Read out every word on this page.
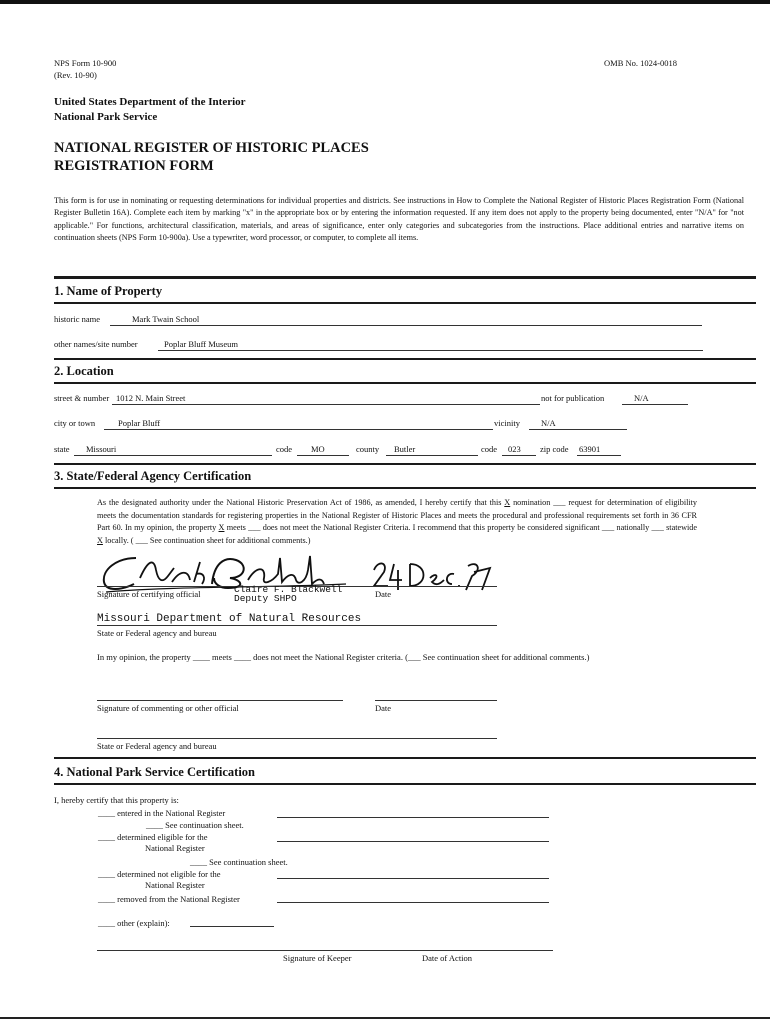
NPS Form 10-900
(Rev. 10-90)
OMB No. 1024-0018
United States Department of the Interior
National Park Service
NATIONAL REGISTER OF HISTORIC PLACES
REGISTRATION FORM
This form is for use in nominating or requesting determinations for individual properties and districts. See instructions in How to Complete the National Register of Historic Places Registration Form (National Register Bulletin 16A). Complete each item by marking "x" in the appropriate box or by entering the information requested. If any item does not apply to the property being documented, enter "N/A" for "not applicable." For functions, architectural classification, materials, and areas of significance, enter only categories and subcategories from the instructions. Place additional entries and narrative items on continuation sheets (NPS Form 10-900a). Use a typewriter, word processor, or computer, to complete all items.
1. Name of Property
historic name	Mark Twain School
other names/site number	Poplar Bluff Museum
2. Location
street & number 1012 N. Main Street	not for publication	N/A
city or town	Poplar Bluff	vicinity N/A
state Missouri	code MO	county Butler	code 023 zip code 63901
3. State/Federal Agency Certification
As the designated authority under the National Historic Preservation Act of 1986, as amended, I hereby certify that this X nomination ___ request for determination of eligibility meets the documentation standards for registering properties in the National Register of Historic Places and meets the procedural and professional requirements set forth in 36 CFR Part 60. In my opinion, the property X meets ___ does not meet the National Register Criteria. I recommend that this property be considered significant ___ nationally ___ statewide X locally. ( ___ See continuation sheet for additional comments.)
Signature of certifying official	Claire F. Blackwell
Deputy SHPO	Date
Missouri Department of Natural Resources
State or Federal agency and bureau
In my opinion, the property ____ meets ____ does not meet the National Register criteria. (___ See continuation sheet for additional comments.)
Signature of commenting or other official	Date
State or Federal agency and bureau
4. National Park Service Certification
I, hereby certify that this property is:
____ entered in the National Register
____ See continuation sheet.
____ determined eligible for the
National Register
____ See continuation sheet.
____ determined not eligible for the
National Register
____ removed from the National Register
____ other (explain):
Signature of Keeper	Date of Action
